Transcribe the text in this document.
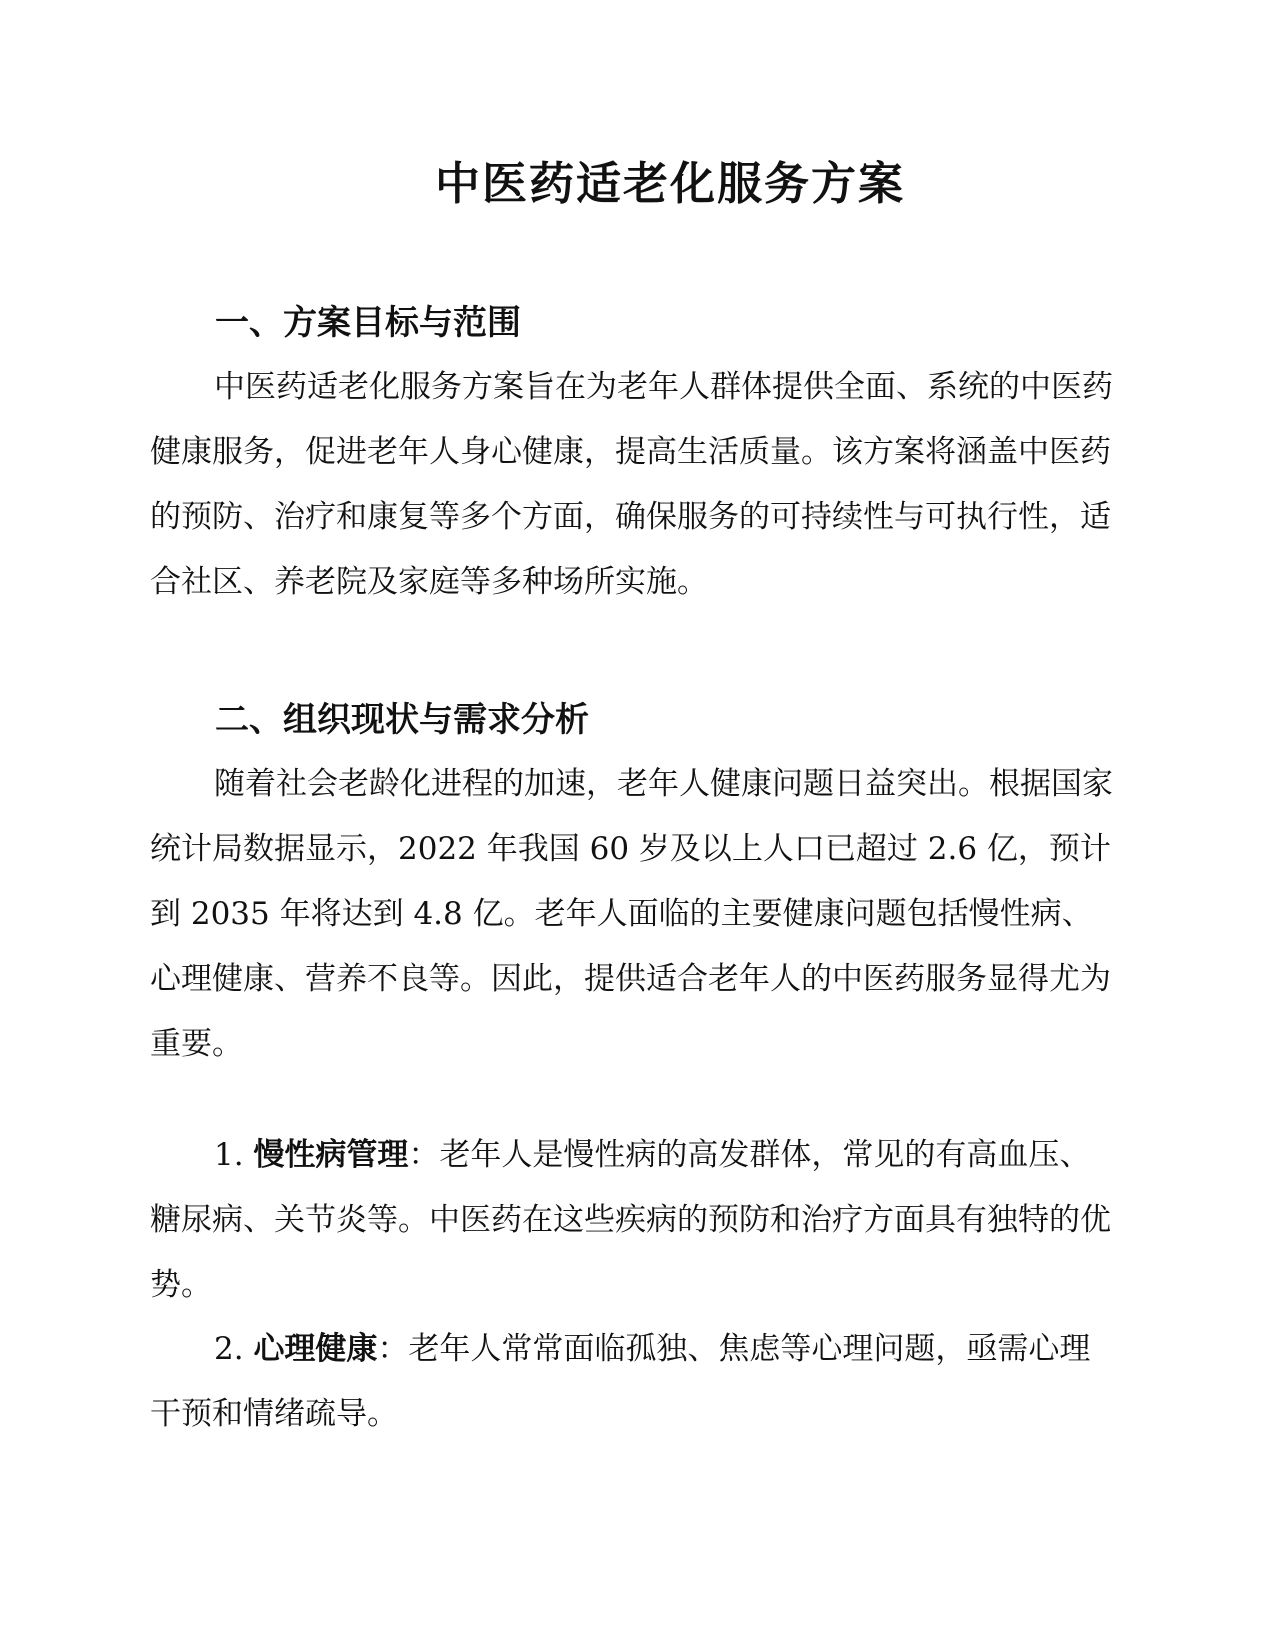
中医药适老化服务方案
一、方案目标与范围

中医药适老化服务方案旨在为老年人群体提供全面、系统的中医药健康服务，促进老年人身心健康，提高生活质量。该方案将涵盖中医药的预防、治疗和康复等多个方面，确保服务的可持续性与可执行性，适合社区、养老院及家庭等多种场所实施。

二、组织现状与需求分析

随着社会老龄化进程的加速，老年人健康问题日益突出。根据国家统计局数据显示，2022 年我国 60 岁及以上人口已超过 2.6 亿，预计到 2035 年将达到 4.8 亿。老年人面临的主要健康问题包括慢性病、心理健康、营养不良等。因此，提供适合老年人的中医药服务显得尤为重要。

1. 慢性病管理：老年人是慢性病的高发群体，常见的有高血压、糖尿病、关节炎等。中医药在这些疾病的预防和治疗方面具有独特的优势。

2. 心理健康：老年人常常面临孤独、焦虑等心理问题，亟需心理干预和情绪疏导。
